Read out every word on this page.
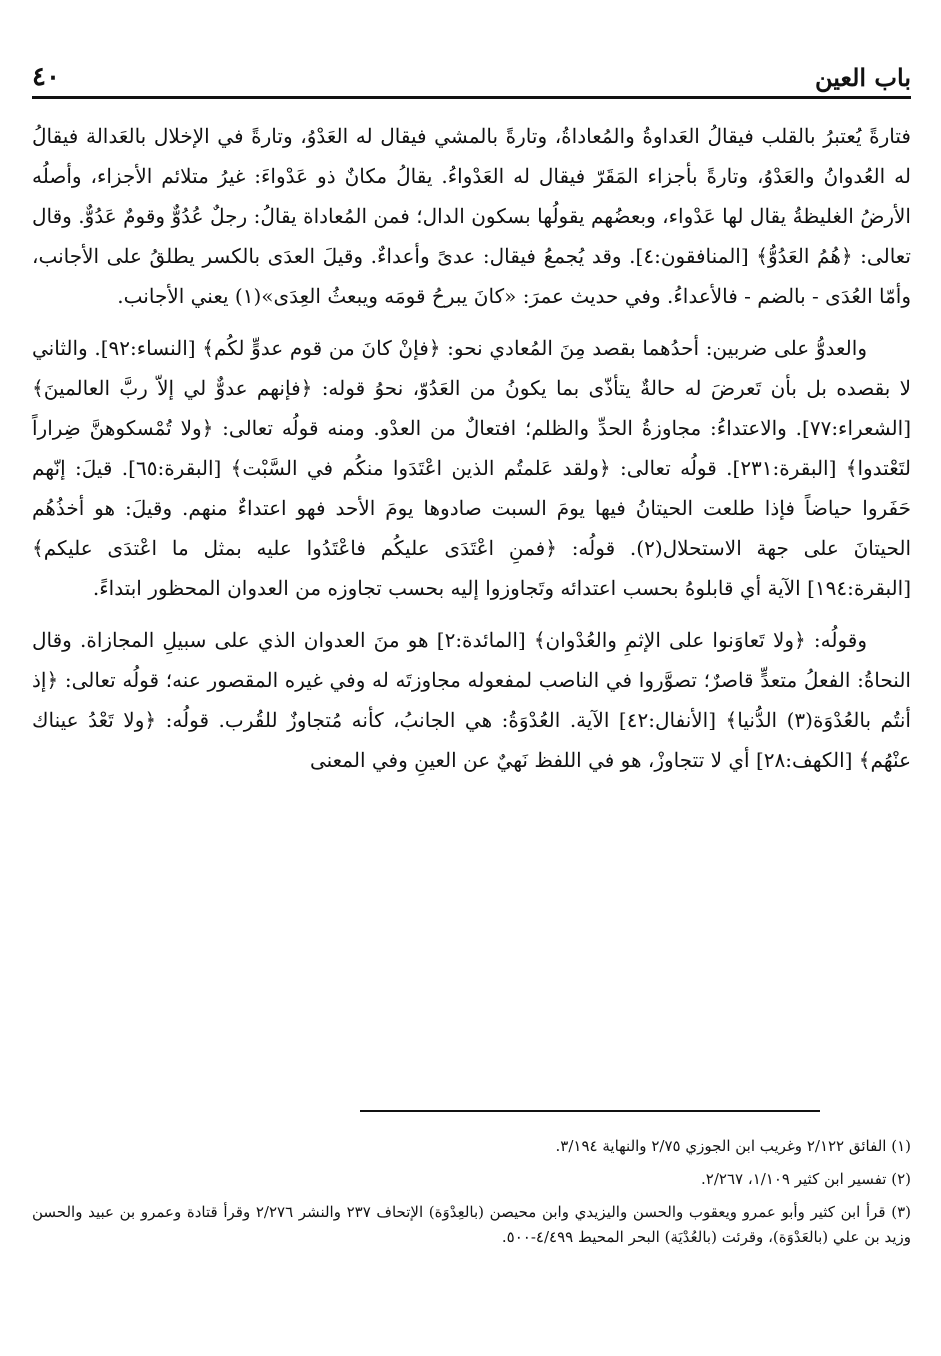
باب العين
٤٠

فتارةً يُعتبرُ بالقلب فيقالُ العَداوةُ والمُعاداةُ، وتارةً بالمشي فيقال له العَدْوُ، وتارةً في الإخلال بالعَدالة فيقالُ له العُدوانُ والعَدْوُ، وتارةً بأجزاء المَقَرّ فيقال له العَدْواءُ. يقالُ مكانٌ ذو عَدْواءَ: غيرُ متلائم الأجزاء، وأصلُه الأرضُ الغليظةُ يقال لها عَدْواء، وبعضُهم يقولُها بسكون الدال؛ فمن المُعاداة يقالُ: رجلٌ عُدُوٌّ وقومٌ عَدُوٌّ. وقال تعالى: ﴿هُمُ العَدُوُّ﴾ [المنافقون:٤]. وقد يُجمعُ فيقال: عدىً وأعداءٌ. وقيلَ العدَى بالكسر يطلقُ على الأجانب، وأمّا العُدَى - بالضم - فالأعداءُ. وفي حديث عمرَ: «كانَ يبرحُ قومَه ويبعثُ العِدَى»(١) يعني الأجانب.

والعدوُّ على ضربين: أحدُهما بقصد مِنَ المُعادي نحو: ﴿فإنْ كانَ من قوم عدوٍّ لكُم﴾ [النساء:٩٢]. والثاني لا بقصده بل بأن تَعرضَ له حالةٌ يتأذّى بما يكونُ من العَدُوّ، نحوُ قوله: ﴿فإنهم عدوٌّ لي إلاّ ربَّ العالمينَ﴾ [الشعراء:٧٧]. والاعتداءُ: مجاوزةُ الحدِّ والظلم؛ افتعالٌ من العدْو. ومنه قولُه تعالى: ﴿ولا تُمْسكوهنَّ ضِراراً لتَعْتدوا﴾ [البقرة:٢٣١]. قولُه تعالى: ﴿ولقد عَلمتُم الذين اعْتَدَوا منكُم في السَّبْت﴾ [البقرة:٦٥]. قيلَ: إنّهم حَفَروا حياضاً فإذا طلعت الحيتانُ فيها يومَ السبت صادوها يومَ الأحد فهو اعتداءٌ منهم. وقيلَ: هو أخذُهُم الحيتانَ على جهة الاستحلال(٢). قولُه: ﴿فمنِ اعْتَدَى عليكُم فاعْتَدُوا عليه بمثل ما اعْتدَى عليكم﴾ [البقرة:١٩٤] الآية أي قابلوهُ بحسب اعتدائه وتَجاوزوا إليه بحسب تجاوزه من العدوان المحظور ابتداءً.

وقولُه: ﴿ولا تَعاوَنوا على الإثمِ والعُدْوان﴾ [المائدة:٢] هو منَ العدوان الذي على سبيلِ المجازاة. وقال النحاةُ: الفعلُ متعدٍّ قاصرٌ؛ تصوَّروا في الناصب لمفعوله مجاوزتَه له وفي غيره المقصور عنه؛ قولُه تعالى: ﴿إذ أنتُم بالعُدْوَة(٣) الدُّنيا﴾ [الأنفال:٤٢] الآية. العُدْوَةُ: هي الجانبُ، كأنه مُتجاوزٌ للقُرب. قولُه: ﴿ولا تَعْدُ عيناك عنْهُم﴾ [الكهف:٢٨] أي لا تتجاوزْ، هو في اللفظ نَهيٌ عن العينِ وفي المعنى

(١) الفائق ٢/١٢٢ وغريب ابن الجوزي ٢/٧٥ والنهاية ٣/١٩٤.

(٢) تفسير ابن كثير ١/١٠٩، ٢/٢٦٧.

(٣) قرأ ابن كثير وأبو عمرو ويعقوب والحسن واليزيدي وابن محيصن (بالعِدْوَة) الإتحاف ٢٣٧ والنشر ٢/٢٧٦ وقرأ قتادة وعمرو بن عبيد والحسن وزيد بن علي (بالعَدْوَة)، وقرئت (بالعُدْيَة) البحر المحيط ٤/٤٩٩-٥٠٠.
